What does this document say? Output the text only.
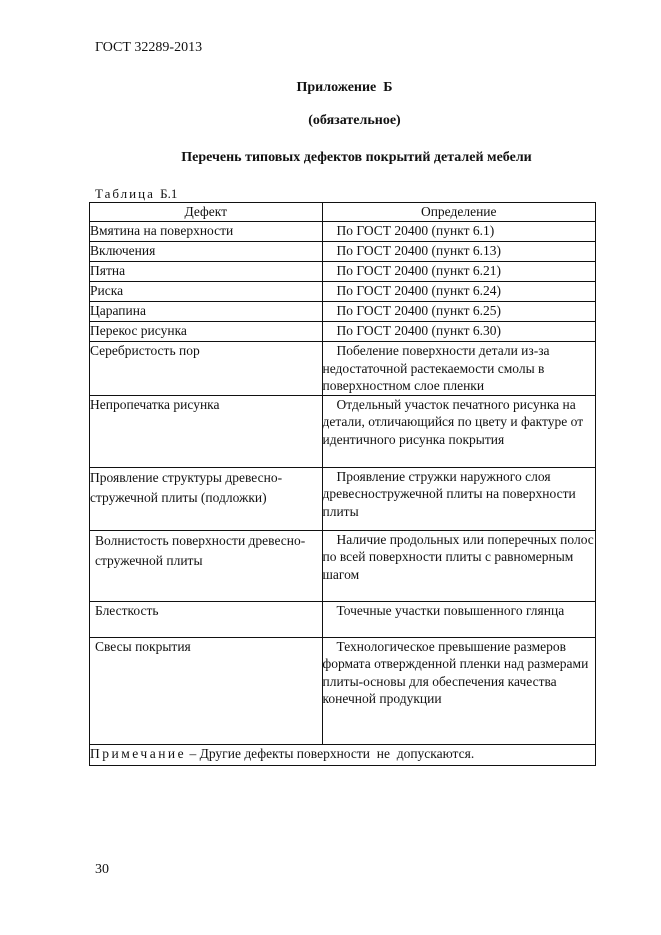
ГОСТ 32289-2013
Приложение  Б
(обязательное)
Перечень типовых дефектов покрытий деталей мебели
Таблица Б.1
Дефект	Определение
Вмятина на поверхности	По ГОСТ 20400 (пункт 6.1)
Включения	По ГОСТ 20400 (пункт 6.13)
Пятна	По ГОСТ 20400 (пункт 6.21)
Риска	По ГОСТ 20400 (пункт 6.24)
Царапина	По ГОСТ 20400 (пункт 6.25)
Перекос рисунка	По ГОСТ 20400 (пункт 6.30)
Серебристость пор	Побеление поверхности детали из-за недостаточной растекаемости смолы в поверхностном слое пленки
Непропечатка рисунка	Отдельный участок печатного рисунка на детали, отличающийся по цвету и фактуре от идентичного рисунка покрытия
Проявление структуры древесно-стружечной плиты (подложки)	Проявление стружки наружного слоя древесностружечной плиты на поверхности плиты
Волнистость поверхности древесно-стружечной плиты	Наличие продольных или поперечных полос по всей поверхности плиты с равномерным шагом
Блесткость	Точечные участки повышенного глянца
Свесы покрытия	Технологическое превышение размеров формата отвержденной пленки над размерами плиты-основы для обеспечения качества конечной продукции
Примечание – Другие дефекты поверхности  не  допускаются.	
30
